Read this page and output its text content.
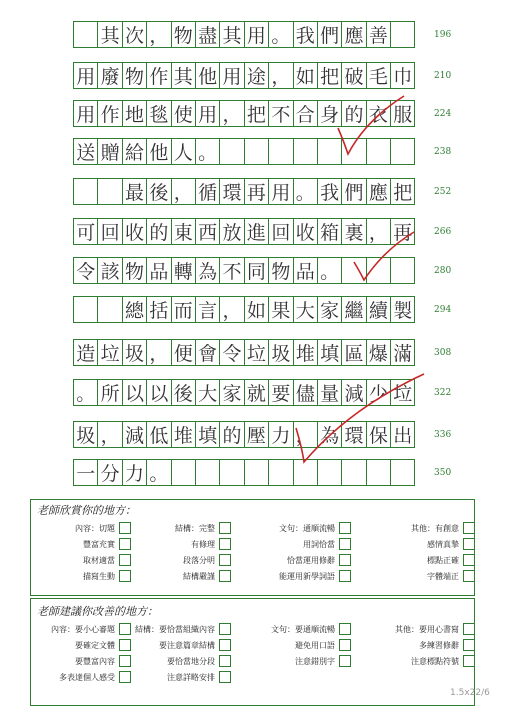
其 次 ， 物 盡 其 用 。 我 們 應 善	196
用 廢 物 作 其 他 用 途 ， 如 把 破 毛 巾	210
用 作 地 毯 使 用 ， 把 不 合 身 的 衣 服	224
送 贈 給 他 人 。	238
最 後 ， 循 環 再 用 。 我 們 應 把	252
可 回 收 的 東 西 放 進 回 收 箱 裏 ， 再	266
令 該 物 品 轉 為 不 同 物 品 。	280
總 括 而 言 ， 如 果 大 家 繼 續 製	294
造 垃 圾 ， 便 會 令 垃 圾 堆 填 區 爆 滿	308
。 所 以 以 後 大 家 就 要 儘 量 減 少 垃	322
圾 ， 減 低 堆 填 的 壓 力 ， 為 環 保 出	336
一 分 力 。	350
老師欣賞你的地方：
內容：切題
豐富充實
取材適當
描寫生動
結構：完整
有條理
段落分明
結構嚴謹
文句：通順流暢
用詞恰當
恰當運用修辭
能運用新學詞語
其他：有創意
感情真摯
標點正確
字體端正
老師建議你改善的地方：
內容：要小心審題
要確定文體
要豐富內容
多表達個人感受
結構：要恰當組織內容
要注意篇章結構
要恰當地分段
注意詳略安排
文句：要通順流暢
避免用口語
注意錯別字
其他：要用心書寫
多練習修辭
注意標點符號
1.5x22/6
